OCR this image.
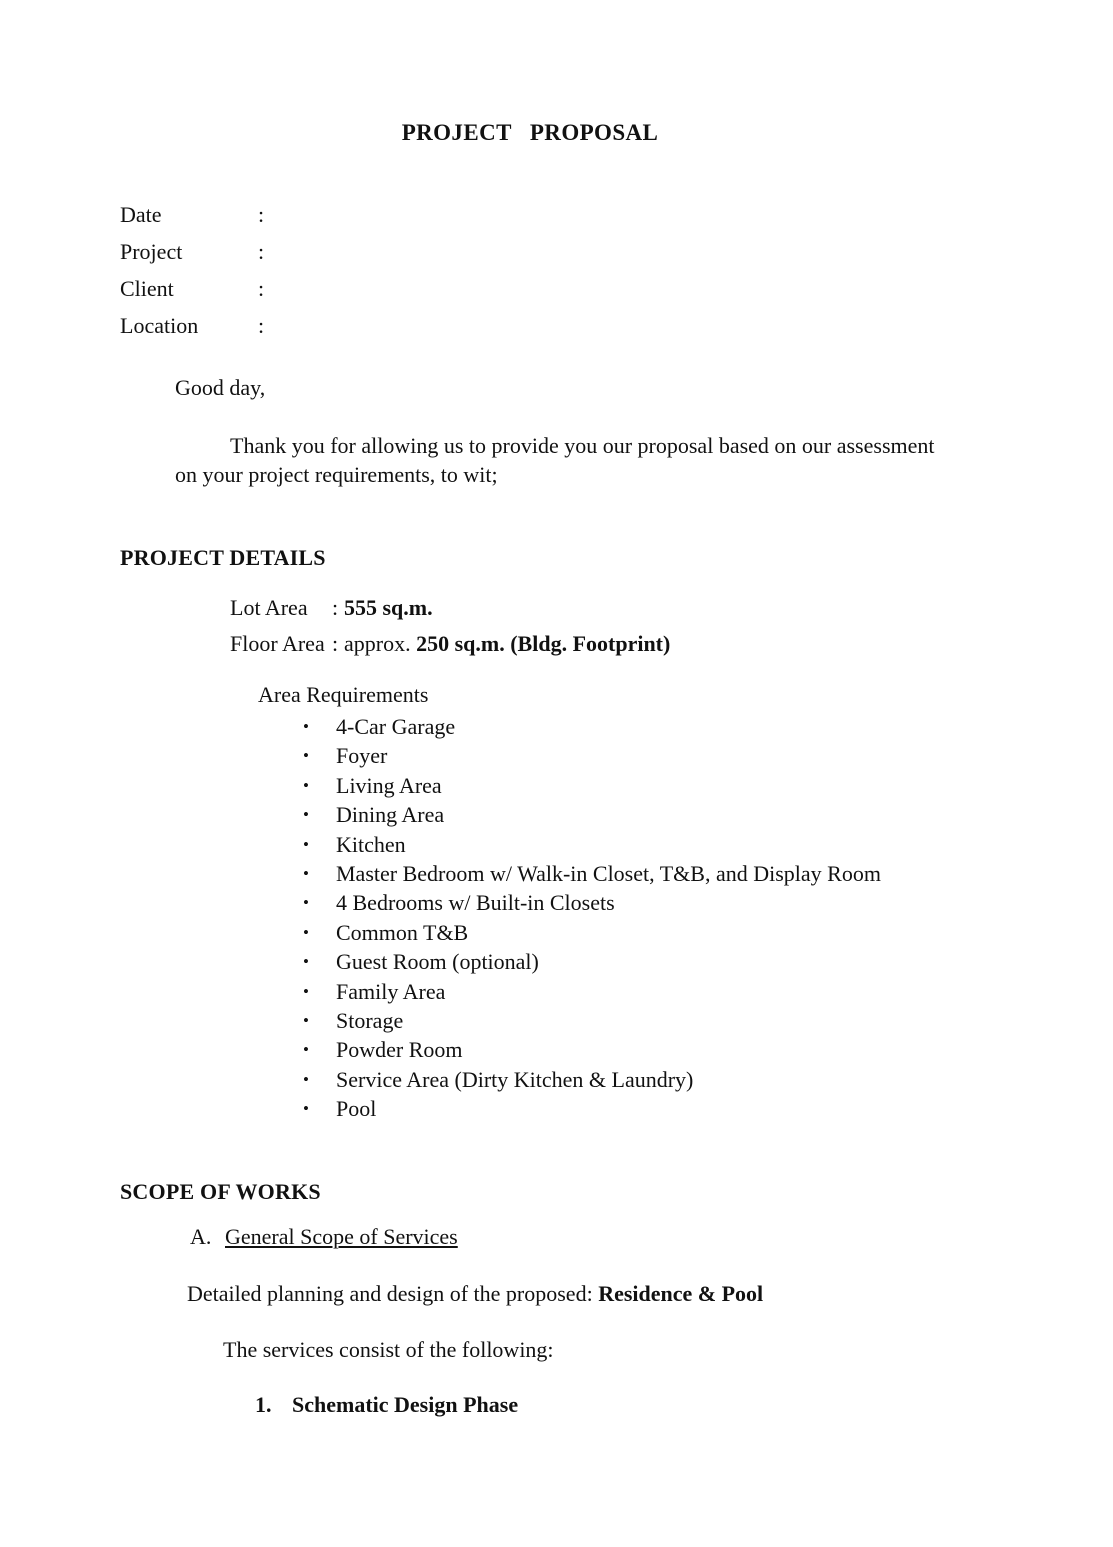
PROJECT   PROPOSAL
Date	:
Project	:
Client	:
Location	:
Good day,
Thank you for allowing us to provide you our proposal based on our assessment on your project requirements, to wit;
PROJECT DETAILS
Lot Area : 555 sq.m.
Floor Area : approx. 250 sq.m. (Bldg. Footprint)
Area Requirements
• 4-Car Garage
• Foyer
• Living Area
• Dining Area
• Kitchen
• Master Bedroom w/ Walk-in Closet, T&B, and Display Room
• 4 Bedrooms w/ Built-in Closets
• Common T&B
• Guest Room (optional)
• Family Area
• Storage
• Powder Room
• Service Area (Dirty Kitchen & Laundry)
• Pool
SCOPE OF WORKS
A. General Scope of Services
Detailed planning and design of the proposed: Residence & Pool
The services consist of the following:
1. Schematic Design Phase
